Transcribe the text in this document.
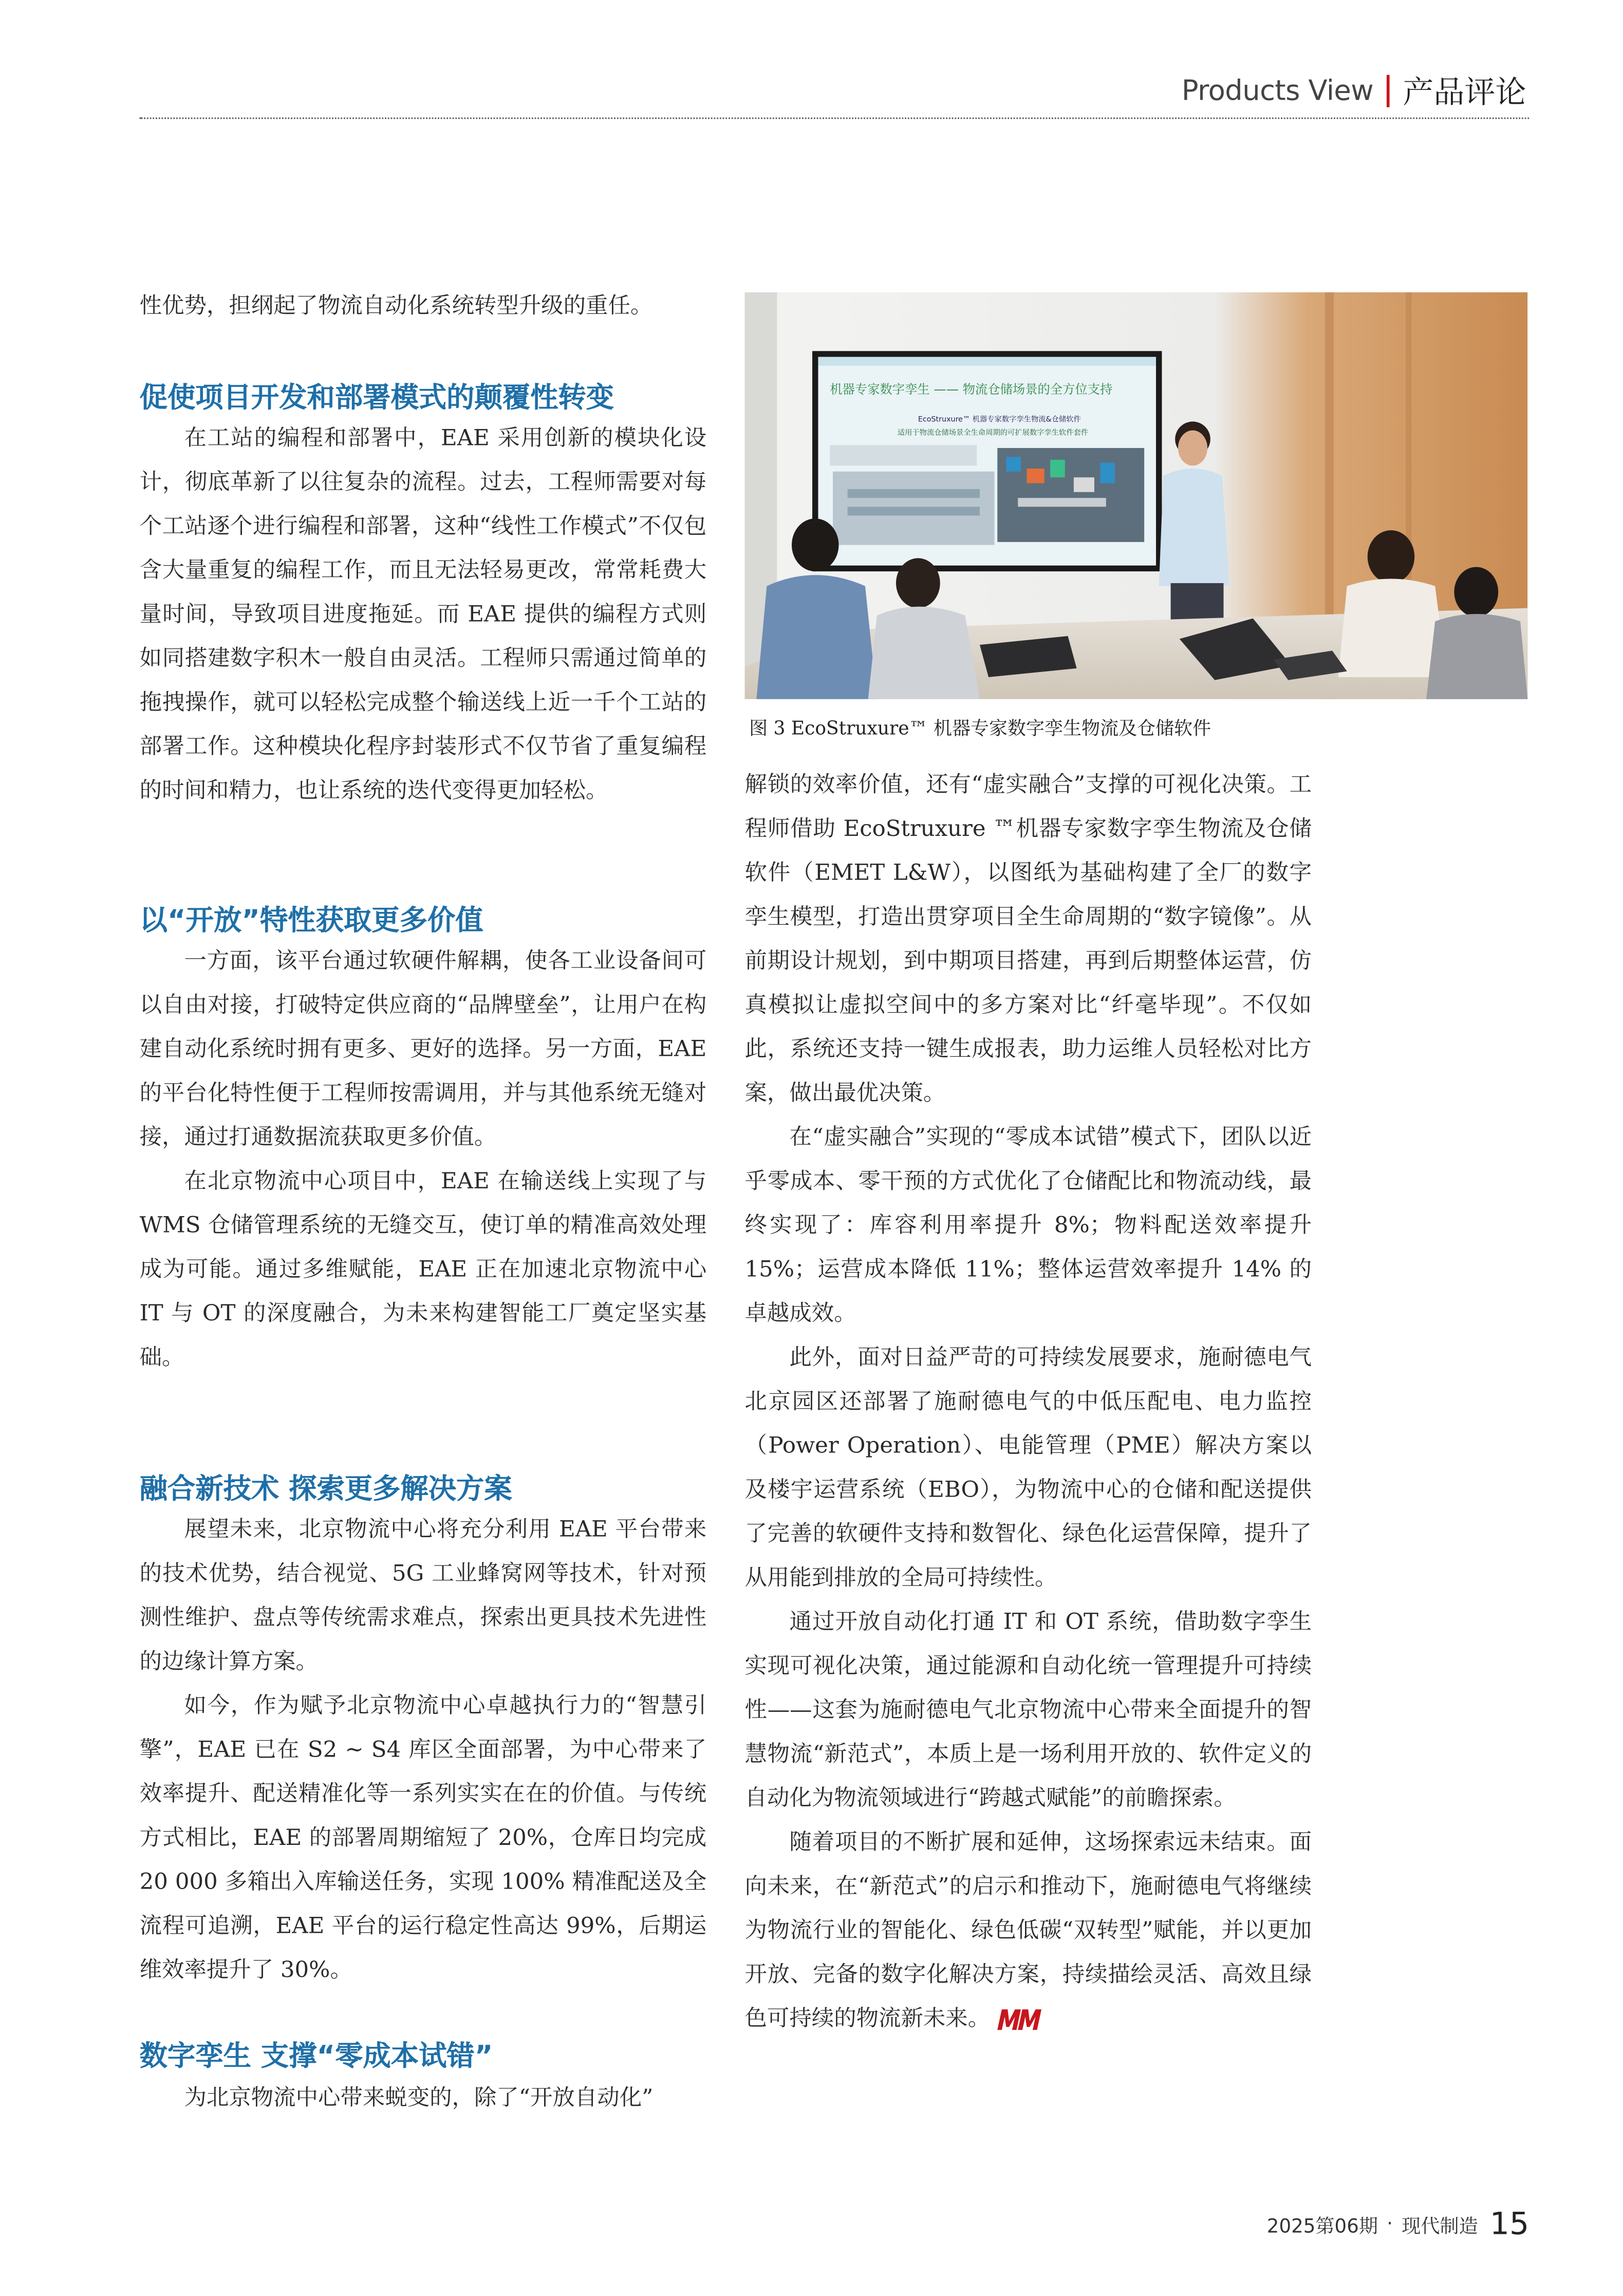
Products View	产品评论

性优势，担纲起了物流自动化系统转型升级的重任。

促使项目开发和部署模式的颠覆性转变

在工站的编程和部署中，EAE 采用创新的模块化设计，彻底革新了以往复杂的流程。过去，工程师需要对每个工站逐个进行编程和部署，这种“线性工作模式”不仅包含大量重复的编程工作，而且无法轻易更改，常常耗费大量时间，导致项目进度拖延。而 EAE 提供的编程方式则如同搭建数字积木一般自由灵活。工程师只需通过简单的拖拽操作，就可以轻松完成整个输送线上近一千个工站的部署工作。这种模块化程序封装形式不仅节省了重复编程的时间和精力，也让系统的迭代变得更加轻松。

以“开放”特性获取更多价值

一方面，该平台通过软硬件解耦，使各工业设备间可以自由对接，打破特定供应商的“品牌壁垒”，让用户在构建自动化系统时拥有更多、更好的选择。另一方面，EAE 的平台化特性便于工程师按需调用，并与其他系统无缝对接，通过打通数据流获取更多价值。

在北京物流中心项目中，EAE 在输送线上实现了与 WMS 仓储管理系统的无缝交互，使订单的精准高效处理成为可能。通过多维赋能，EAE 正在加速北京物流中心 IT 与 OT 的深度融合，为未来构建智能工厂奠定坚实基础。

融合新技术 探索更多解决方案

展望未来，北京物流中心将充分利用 EAE 平台带来的技术优势，结合视觉、5G 工业蜂窝网等技术，针对预测性维护、盘点等传统需求难点，探索出更具技术先进性的边缘计算方案。

如今，作为赋予北京物流中心卓越执行力的“智慧引擎”，EAE 已在 S2 ~ S4 库区全面部署，为中心带来了效率提升、配送精准化等一系列实实在在的价值。与传统方式相比，EAE 的部署周期缩短了 20%，仓库日均完成 20 000 多箱出入库输送任务，实现 100% 精准配送及全流程可追溯，EAE 平台的运行稳定性高达 99%，后期运维效率提升了 30%。

数字孪生 支撑“零成本试错”

为北京物流中心带来蜕变的，除了“开放自动化”

机器专家数字孪生 —— 物流仓储场景的全方位支持
EcoStruxure™ 机器专家数字孪生物流&仓储软件
适用于物流仓储场景全生命周期的可扩展数字孪生软件套件
图 3 EcoStruxure™ 机器专家数字孪生物流及仓储软件

解锁的效率价值，还有“虚实融合”支撑的可视化决策。工程师借助 EcoStruxure ™机器专家数字孪生物流及仓储软件（EMET L&W），以图纸为基础构建了全厂的数字孪生模型，打造出贯穿项目全生命周期的“数字镜像”。从前期设计规划，到中期项目搭建，再到后期整体运营，仿真模拟让虚拟空间中的多方案对比“纤毫毕现”。不仅如此，系统还支持一键生成报表，助力运维人员轻松对比方案，做出最优决策。

在“虚实融合”实现的“零成本试错”模式下，团队以近乎零成本、零干预的方式优化了仓储配比和物流动线，最终实现了：库容利用率提升 8%；物料配送效率提升 15%；运营成本降低 11%；整体运营效率提升 14% 的卓越成效。

此外，面对日益严苛的可持续发展要求，施耐德电气北京园区还部署了施耐德电气的中低压配电、电力监控（Power Operation）、电能管理（PME）解决方案以及楼宇运营系统（EBO），为物流中心的仓储和配送提供了完善的软硬件支持和数智化、绿色化运营保障，提升了从用能到排放的全局可持续性。

通过开放自动化打通 IT 和 OT 系统，借助数字孪生实现可视化决策，通过能源和自动化统一管理提升可持续性——这套为施耐德电气北京物流中心带来全面提升的智慧物流“新范式”，本质上是一场利用开放的、软件定义的自动化为物流领域进行“跨越式赋能”的前瞻探索。

随着项目的不断扩展和延伸，这场探索远未结束。面向未来，在“新范式”的启示和推动下，施耐德电气将继续为物流行业的智能化、绿色低碳“双转型”赋能，并以更加开放、完备的数字化解决方案，持续描绘灵活、高效且绿色可持续的物流新未来。

2025第06期 · 现代制造 15
